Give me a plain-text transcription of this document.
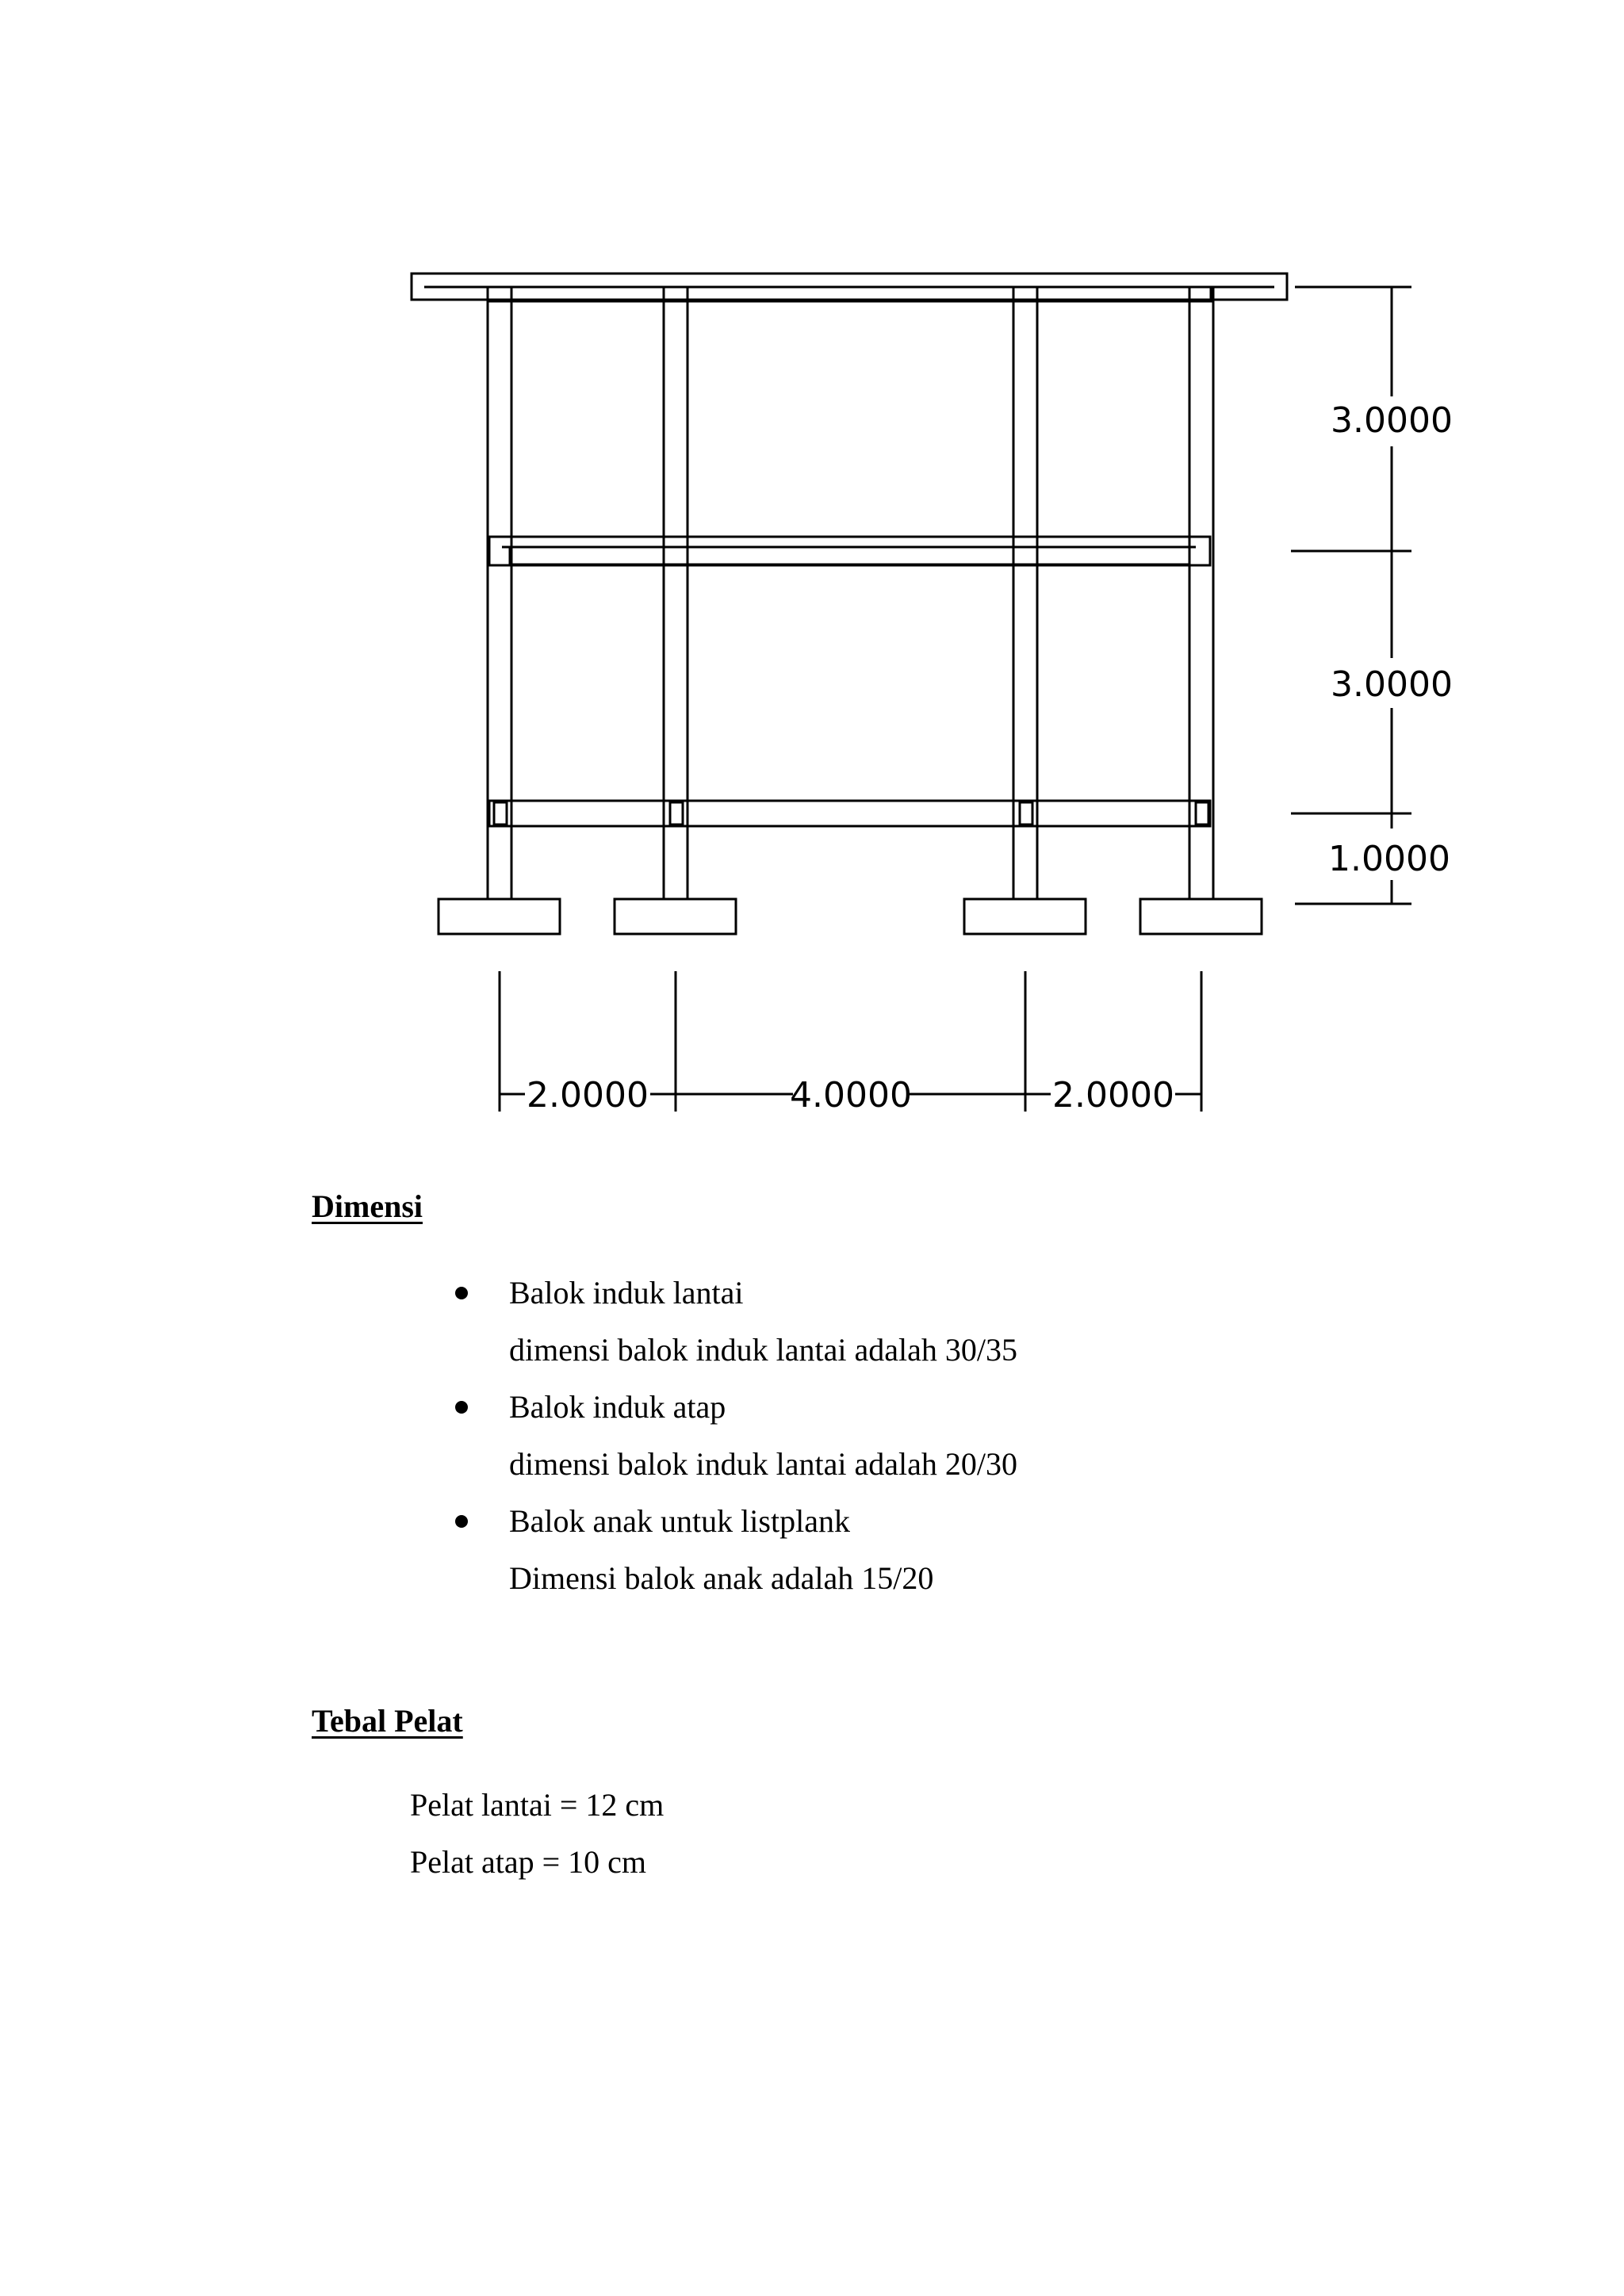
3.0000
3.0000
1.0000
2.0000	4.0000	2.0000
Dimensi
Balok induk lantai
dimensi balok induk lantai adalah 30/35
Balok induk atap
dimensi balok induk lantai adalah 20/30
Balok anak untuk listplank
Dimensi balok anak adalah 15/20
Tebal Pelat
Pelat lantai = 12 cm
Pelat atap = 10 cm
